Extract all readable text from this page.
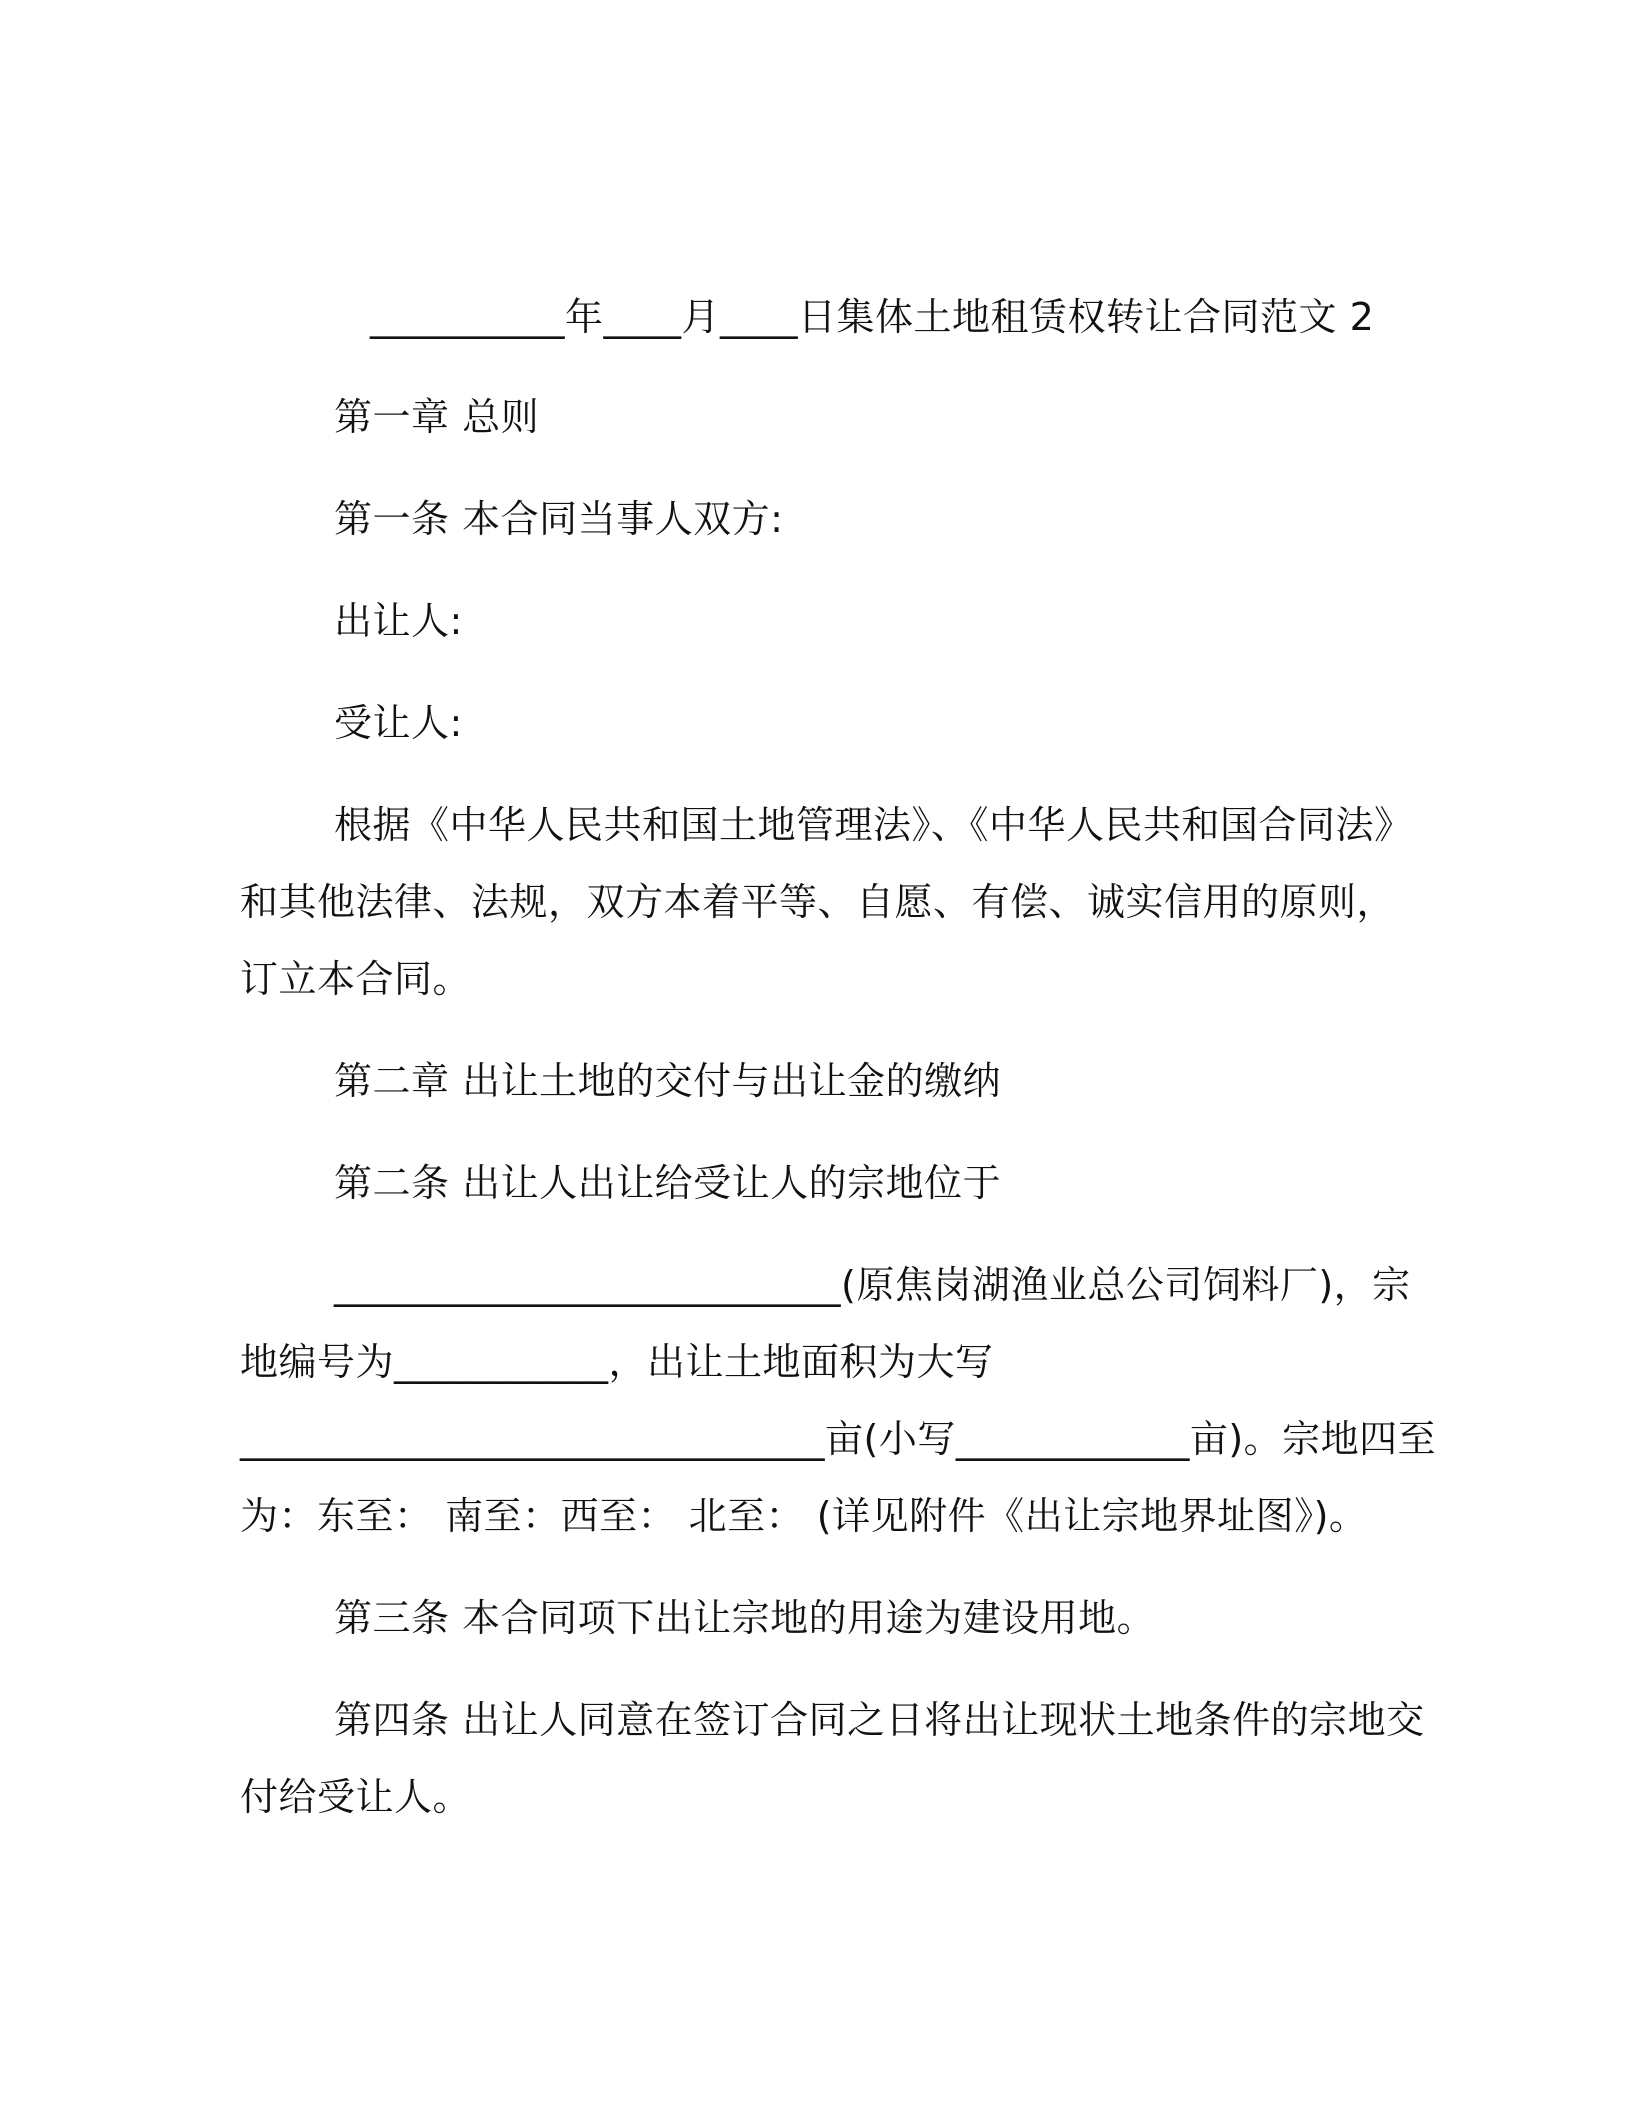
__________年____月____日集体土地租赁权转让合同范文 2
第一章 总则
第一条 本合同当事人双方:
出让人:
受让人:
根据《中华人民共和国土地管理法》、《中华人民共和国合同法》
和其他法律、法规，双方本着平等、自愿、有偿、诚实信用的原则，
订立本合同。
第二章 出让土地的交付与出让金的缴纳
第二条 出让人出让给受让人的宗地位于
__________________________(原焦岗湖渔业总公司饲料厂)，宗
地编号为___________，出让土地面积为大写
______________________________亩(小写____________亩)。宗地四至
为：东至： 南至：西至： 北至： (详见附件《出让宗地界址图》)。
第三条 本合同项下出让宗地的用途为建设用地。
第四条 出让人同意在签订合同之日将出让现状土地条件的宗地交
付给受让人。
